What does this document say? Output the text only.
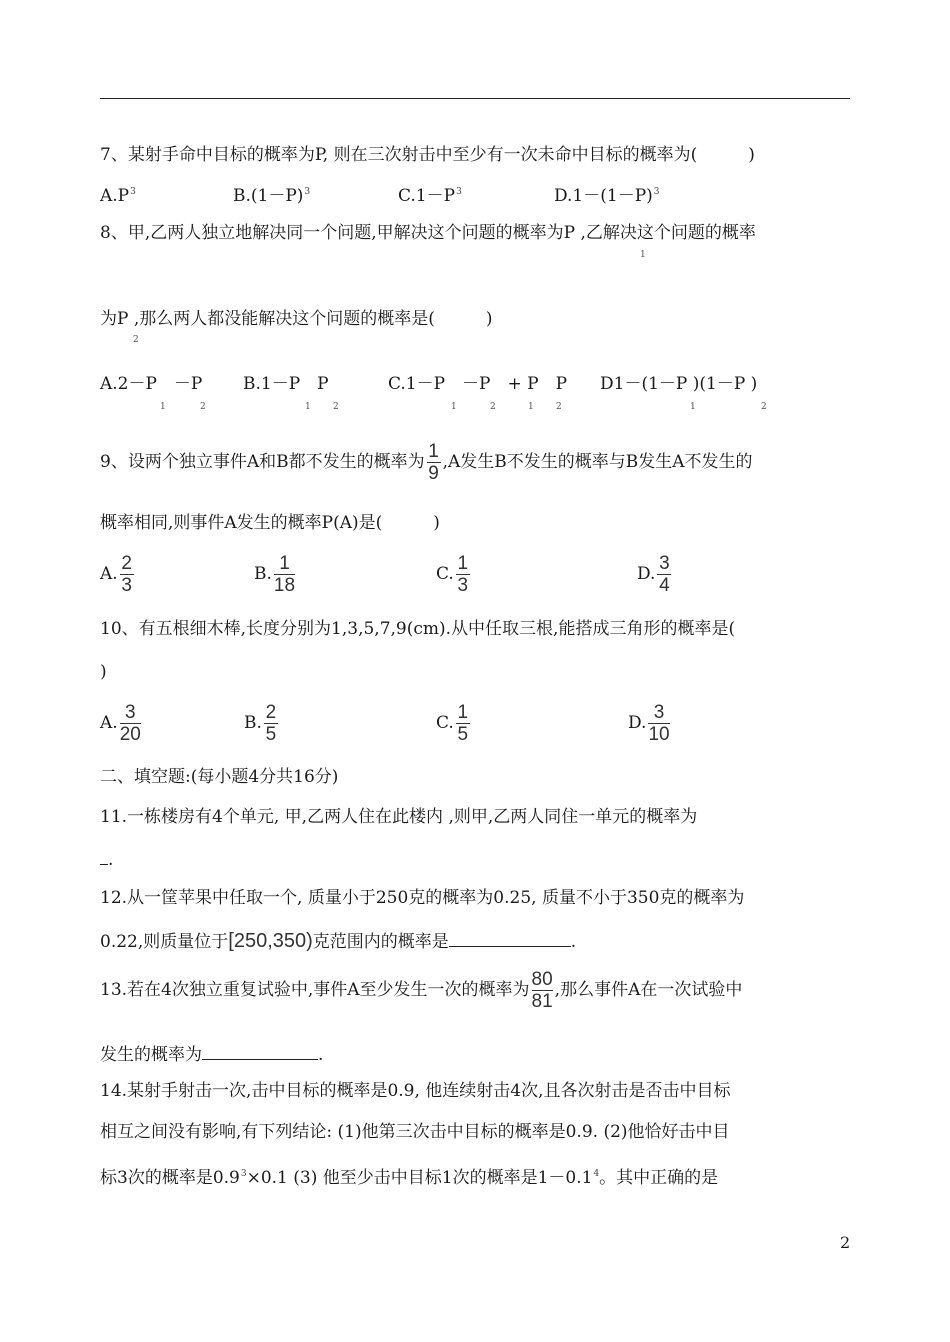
7、某射手命中目标的概率为P, 则在三次射击中至少有一次未命中目标的概率为(　　　)
$A.P^3$	$B.(1-P)^3$	$C.1-P^3$	$D.1-(1-P)^3$
8、甲,乙两人独立地解决同一个问题,甲解决这个问题的概率为P ,乙解决这个问题的概率
1
为P ,那么两人都没能解决这个问题的概率是(　　　)
2
A.2－P　－P
1	2
B.1－P　P
1 2
C.1－P　－P　+ P　P
1	2	1 2
D1－(1－P )(1－P )
1	2
9、设两个独立事件A和B都不发生的概率为 $\frac{1}{9} ,A$发生B不发生的概率与B发生A不发生的
概率相同,则事件A发生的概率P(A)是(　　　)
A. $\frac{2}{3}$	B. $\frac{1}{18}$	C. $\frac{1}{3}$	D. $\frac{3}{4}$
10、有五根细木棒,长度分别为1,3,5,7,9(cm).从中任取三根,能搭成三角形的概率是(
)
A. $\frac{3}{20}$	B. $\frac{2}{5}$	C. $\frac{1}{5}$	D. $\frac{3}{10}$
二、填空题:(每小题4分共16分)
11.一栋楼房有4个单元, 甲,乙两人住在此楼内 ,则甲,乙两人同住一单元的概率为
.
12.从一筐苹果中任取一个, 质量小于250克的概率为0.25, 质量不小于350克的概率为
0.22,则质量位于[250,350)克范围内的概率是	.
13.若在4次独立重复试验中,事件A至少发生一次的概率为 $\frac{80}{81}$ ,那么事件A在一次试验中
发生的概率为	.
14.某射手射击一次,击中目标的概率是0.9, 他连续射击4次,且各次射击是否击中目标
相互之间没有影响,有下列结论: (1)他第三次击中目标的概率是0.9. (2)他恰好击中目
标3次的概率是$0.9^3\times 0.1$ (3) 他至少击中目标1次的概率是$1-0.1^4$。其中正确的是
2
